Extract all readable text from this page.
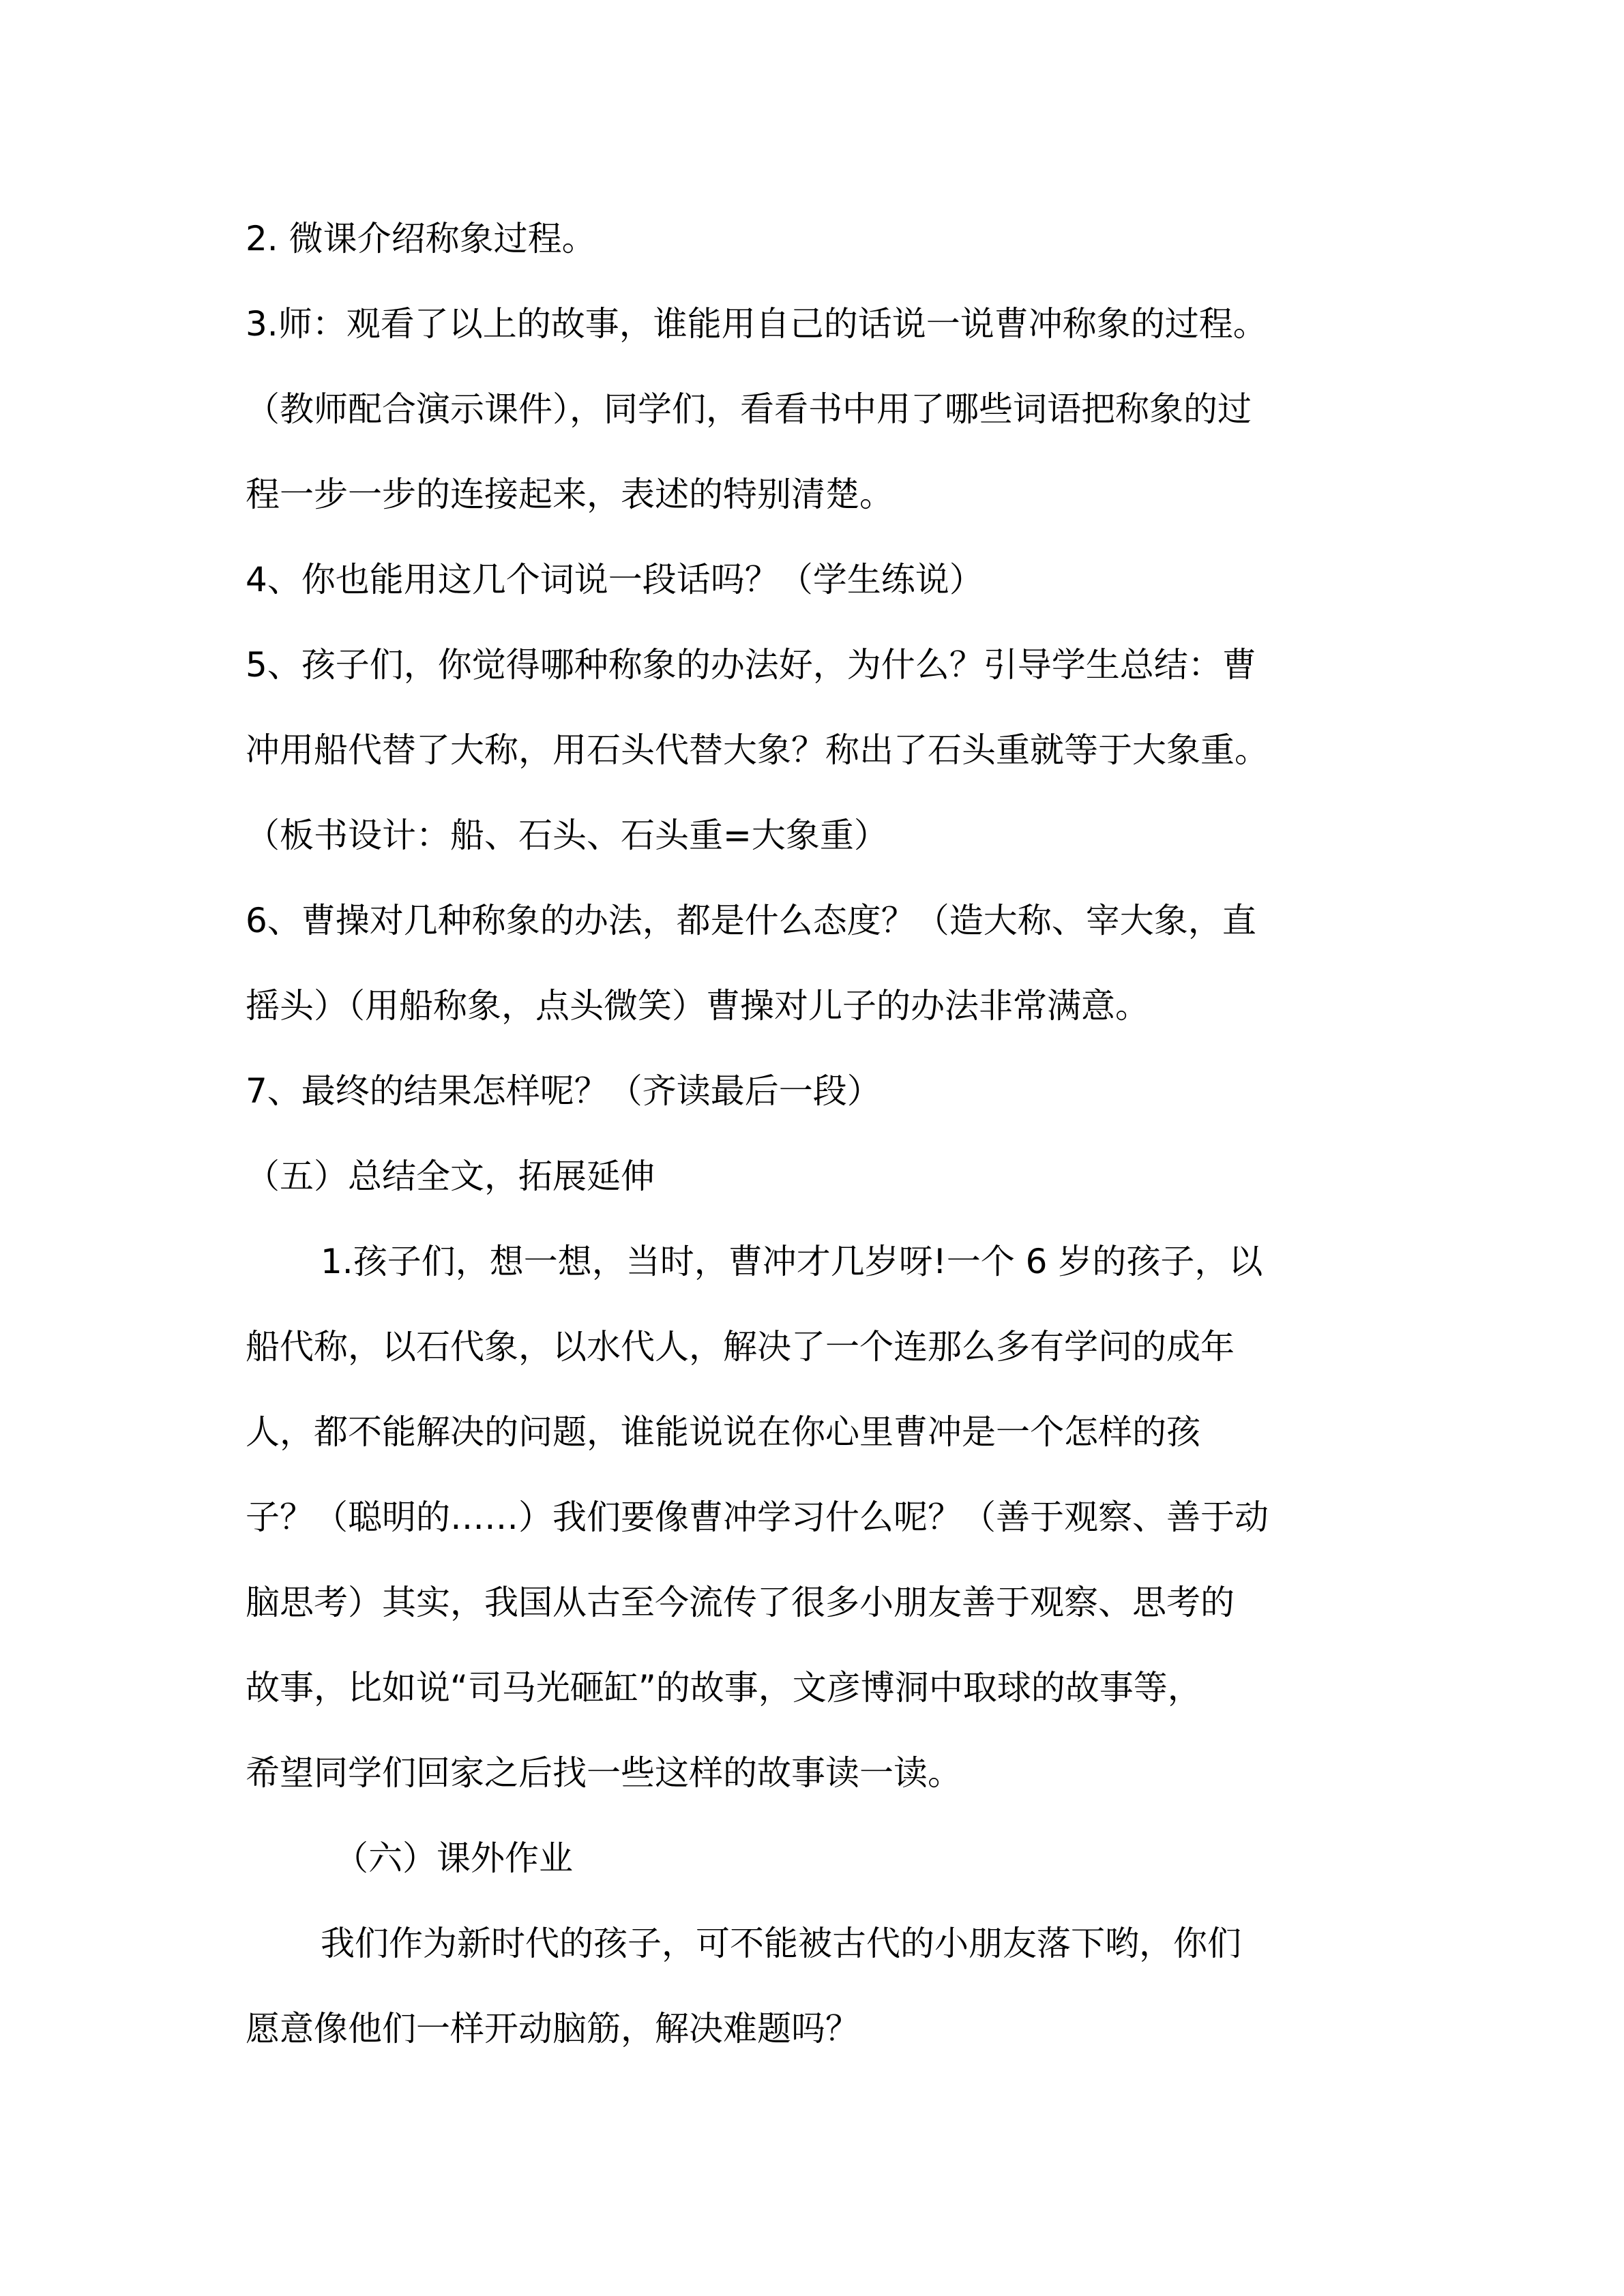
2. 微课介绍称象过程。
3.师：观看了以上的故事，谁能用自己的话说一说曹冲称象的过程。
（教师配合演示课件），同学们，看看书中用了哪些词语把称象的过
程一步一步的连接起来，表述的特别清楚。
4、你也能用这几个词说一段话吗？（学生练说）
5、孩子们，你觉得哪种称象的办法好，为什么？引导学生总结：曹
冲用船代替了大称，用石头代替大象？称出了石头重就等于大象重。
（板书设计：船、石头、石头重=大象重）
6、曹操对几种称象的办法，都是什么态度？（造大称、宰大象，直
摇头）（用船称象，点头微笑）曹操对儿子的办法非常满意。
7、最终的结果怎样呢？（齐读最后一段）
（五）总结全文，拓展延伸
1.孩子们，想一想，当时，曹冲才几岁呀!一个 6 岁的孩子，以
船代称，以石代象，以水代人，解决了一个连那么多有学问的成年
人，都不能解决的问题，谁能说说在你心里曹冲是一个怎样的孩
子？（聪明的……）我们要像曹冲学习什么呢？（善于观察、善于动
脑思考）其实，我国从古至今流传了很多小朋友善于观察、思考的
故事，比如说“司马光砸缸”的故事，文彦博洞中取球的故事等，
希望同学们回家之后找一些这样的故事读一读。
（六）课外作业
我们作为新时代的孩子，可不能被古代的小朋友落下哟，你们
愿意像他们一样开动脑筋，解决难题吗？
